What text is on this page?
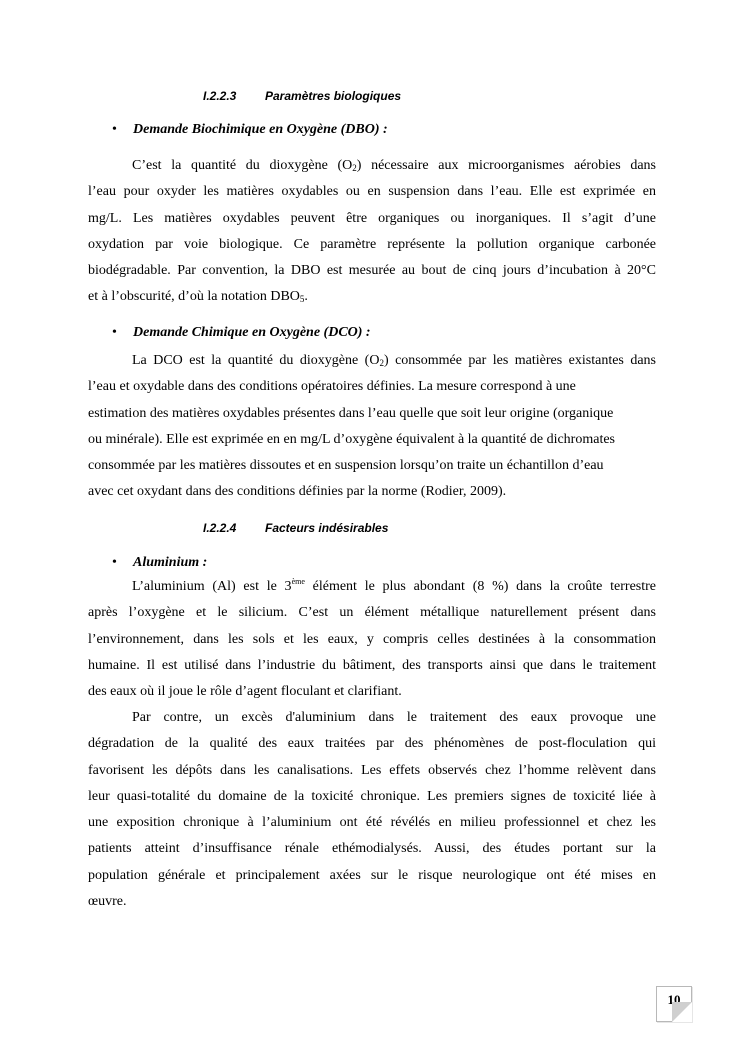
I.2.2.3 Paramètres biologiques
• Demande Biochimique en Oxygène (DBO) :
C’est la quantité du dioxygène $(O_2)$ nécessaire aux microorganismes aérobies dans
l’eau pour oxyder les matières oxydables ou en suspension dans l’eau. Elle est exprimée en
mg/L. Les matières oxydables peuvent être organiques ou inorganiques. Il s’agit d’une
oxydation par voie biologique. Ce paramètre représente la pollution organique carbonée
biodégradable. Par convention, la DBO est mesurée au bout de cinq jours d’incubation à 20°C
et à l’obscurité, d’où la notation $DBO_5$.
• Demande Chimique en Oxygène (DCO) :
La DCO est la quantité du dioxygène $(O_2)$ consommée par les matières existantes dans
l’eau et oxydable dans des conditions opératoires définies. La mesure correspond à une
estimation des matières oxydables présentes dans l’eau quelle que soit leur origine (organique
ou minérale). Elle est exprimée en en mg/L d’oxygène équivalent à la quantité de dichromates
consommée par les matières dissoutes et en suspension lorsqu’on traite un échantillon d’eau
avec cet oxydant dans des conditions définies par la norme (Rodier, 2009).
I.2.2.4 Facteurs indésirables
• Aluminium :
L’aluminium (Al) est le 3ème élément le plus abondant (8 %) dans la croûte terrestre
après l’oxygène et le silicium. C’est un élément métallique naturellement présent dans
l’environnement, dans les sols et les eaux, y compris celles destinées à la consommation
humaine. Il est utilisé dans l’industrie du bâtiment, des transports ainsi que dans le traitement
des eaux où il joue le rôle d’agent floculant et clarifiant.
Par contre, un excès d'aluminium dans le traitement des eaux provoque une
dégradation de la qualité des eaux traitées par des phénomènes de post-floculation qui
favorisent les dépôts dans les canalisations. Les effets observés chez l’homme relèvent dans
leur quasi-totalité du domaine de la toxicité chronique. Les premiers signes de toxicité liée à
une exposition chronique à l’aluminium ont été révélés en milieu professionnel et chez les
patients atteint d’insuffisance rénale ethémodialysés. Aussi, des études portant sur la
population générale et principalement axées sur le risque neurologique ont été mises en
œuvre.
10
